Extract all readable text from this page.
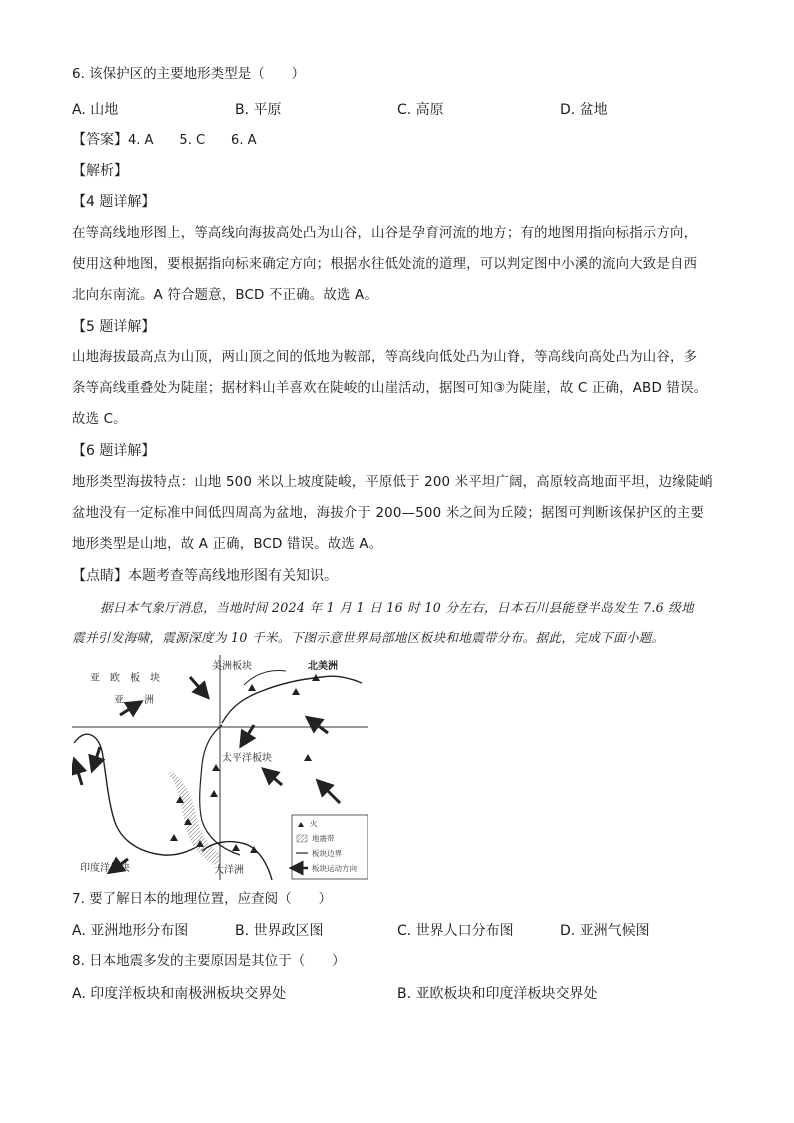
6. 该保护区的主要地形类型是（　　）
A. 山地	B. 平原	C. 高原	D. 盆地
【答案】4. A　　5. C　　6. A
【解析】
【4 题详解】
在等高线地形图上，等高线向海拔高处凸为山谷，山谷是孕育河流的地方；有的地图用指向标指示方向，
使用这种地图，要根据指向标来确定方向；根据水往低处流的道理，可以判定图中小溪的流向大致是自西
北向东南流。A 符合题意，BCD 不正确。故选 A。
【5 题详解】
山地海拔最高点为山顶，两山顶之间的低地为鞍部，等高线向低处凸为山脊，等高线向高处凸为山谷，多
条等高线重叠处为陡崖；据材料山羊喜欢在陡峻的山崖活动，据图可知③为陡崖，故 C 正确，ABD 错误。
故选 C。
【6 题详解】
地形类型海拔特点：山地 500 米以上坡度陡峻，平原低于 200 米平坦广阔，高原较高地面平坦，边缘陡峭
盆地没有一定标准中间低四周高为盆地，海拔介于 200—500 米之间为丘陵；据图可判断该保护区的主要
地形类型是山地，故 A 正确，BCD 错误。故选 A。
【点睛】本题考查等高线地形图有关知识。
据日本气象厅消息，当地时间 2024 年 1 月 1 日 16 时 10 分左右，日本石川县能登半岛发生 7.6 级地
震并引发海啸，震源深度为 10 千米。下图示意世界局部地区板块和地震带分布。据此，完成下面小题。
亚　欧　板　块
亚　　洲
美洲板块	北美洲
太平洋板块
印度洋板块	大洋洲
火
地震带
板块边界
板块运动方向
7. 要了解日本的地理位置，应查阅（　　）
A. 亚洲地形分布图	B. 世界政区图	C. 世界人口分布图	D. 亚洲气候图
8. 日本地震多发的主要原因是其位于（　　）
A. 印度洋板块和南极洲板块交界处	B. 亚欧板块和印度洋板块交界处
